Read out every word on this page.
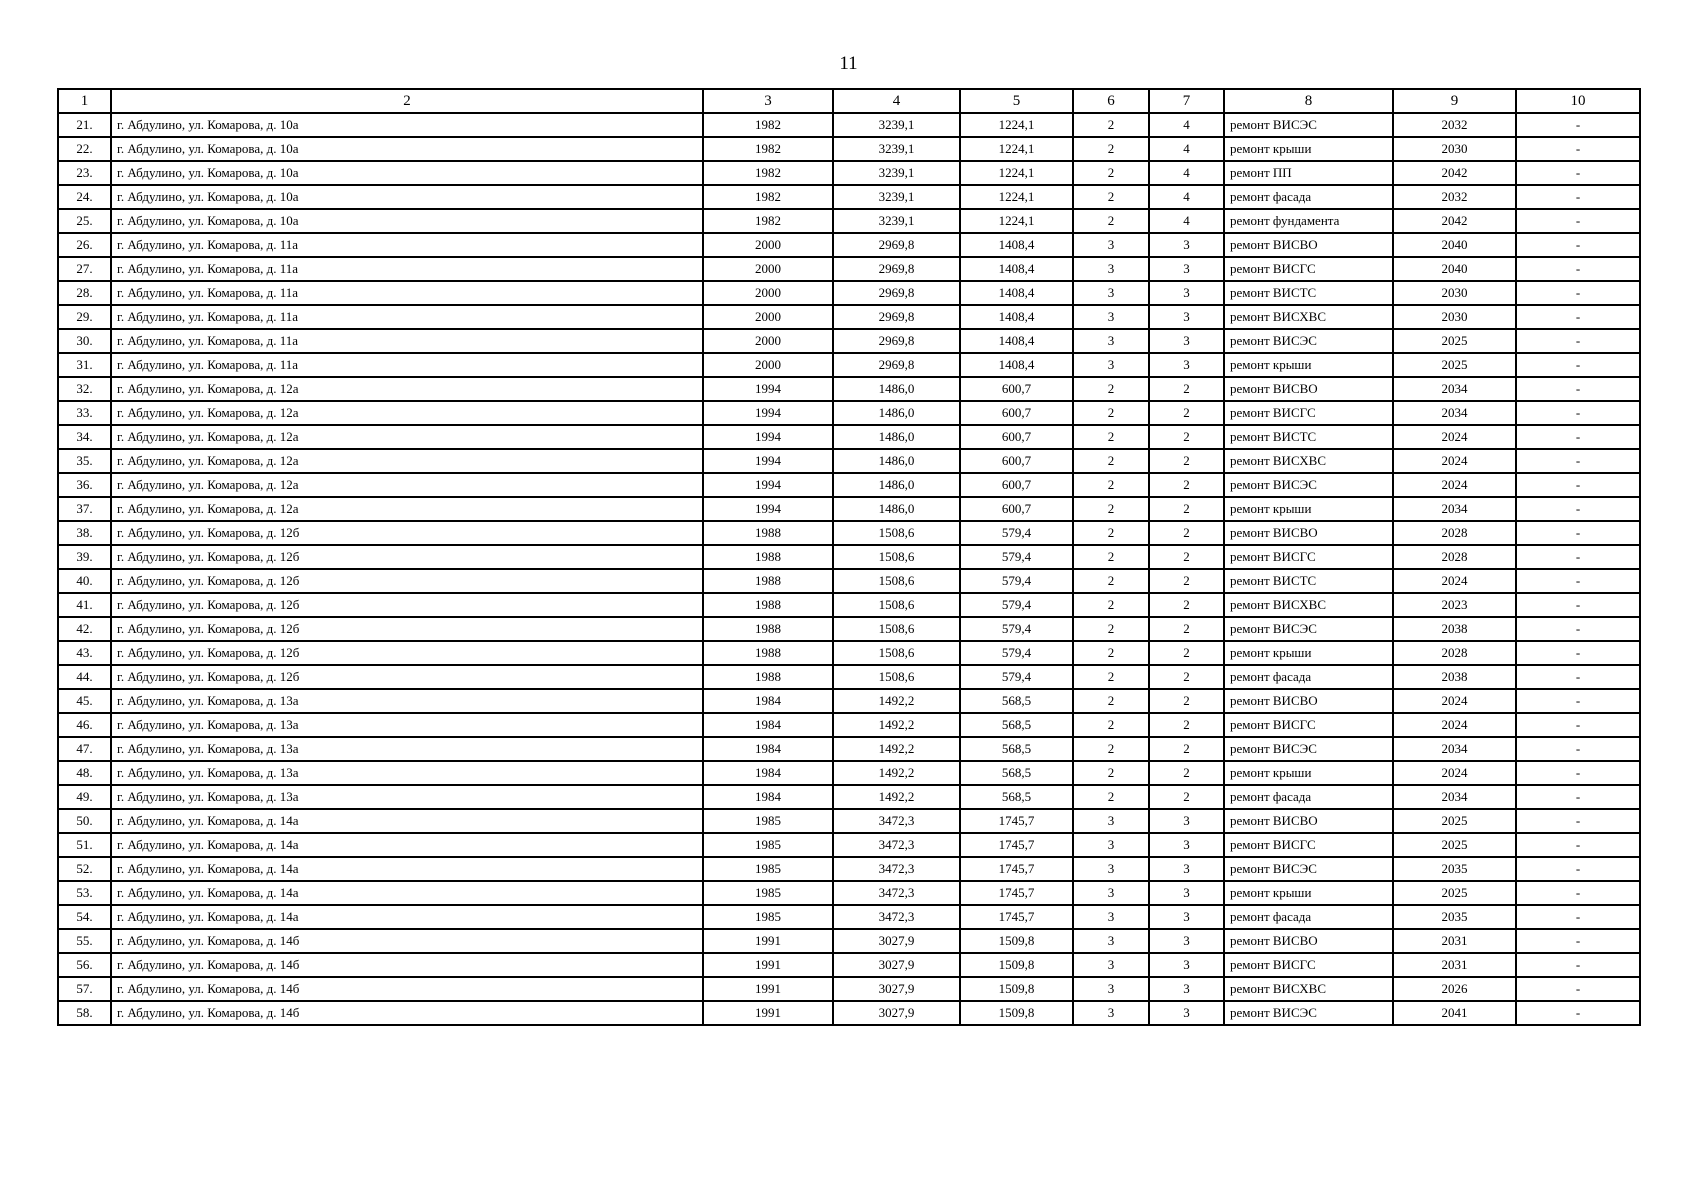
11
1	2	3	4	5	6	7	8	9	10
21.	г. Абдулино, ул. Комарова, д. 10а	1982	3239,1	1224,1	2	4	ремонт ВИСЭС	2032	-
22.	г. Абдулино, ул. Комарова, д. 10а	1982	3239,1	1224,1	2	4	ремонт крыши	2030	-
23.	г. Абдулино, ул. Комарова, д. 10а	1982	3239,1	1224,1	2	4	ремонт ПП	2042	-
24.	г. Абдулино, ул. Комарова, д. 10а	1982	3239,1	1224,1	2	4	ремонт фасада	2032	-
25.	г. Абдулино, ул. Комарова, д. 10а	1982	3239,1	1224,1	2	4	ремонт фундамента	2042	-
26.	г. Абдулино, ул. Комарова, д. 11а	2000	2969,8	1408,4	3	3	ремонт ВИСВО	2040	-
27.	г. Абдулино, ул. Комарова, д. 11а	2000	2969,8	1408,4	3	3	ремонт ВИСГС	2040	-
28.	г. Абдулино, ул. Комарова, д. 11а	2000	2969,8	1408,4	3	3	ремонт ВИСТС	2030	-
29.	г. Абдулино, ул. Комарова, д. 11а	2000	2969,8	1408,4	3	3	ремонт ВИСХВС	2030	-
30.	г. Абдулино, ул. Комарова, д. 11а	2000	2969,8	1408,4	3	3	ремонт ВИСЭС	2025	-
31.	г. Абдулино, ул. Комарова, д. 11а	2000	2969,8	1408,4	3	3	ремонт крыши	2025	-
32.	г. Абдулино, ул. Комарова, д. 12а	1994	1486,0	600,7	2	2	ремонт ВИСВО	2034	-
33.	г. Абдулино, ул. Комарова, д. 12а	1994	1486,0	600,7	2	2	ремонт ВИСГС	2034	-
34.	г. Абдулино, ул. Комарова, д. 12а	1994	1486,0	600,7	2	2	ремонт ВИСТС	2024	-
35.	г. Абдулино, ул. Комарова, д. 12а	1994	1486,0	600,7	2	2	ремонт ВИСХВС	2024	-
36.	г. Абдулино, ул. Комарова, д. 12а	1994	1486,0	600,7	2	2	ремонт ВИСЭС	2024	-
37.	г. Абдулино, ул. Комарова, д. 12а	1994	1486,0	600,7	2	2	ремонт крыши	2034	-
38.	г. Абдулино, ул. Комарова, д. 12б	1988	1508,6	579,4	2	2	ремонт ВИСВО	2028	-
39.	г. Абдулино, ул. Комарова, д. 12б	1988	1508,6	579,4	2	2	ремонт ВИСГС	2028	-
40.	г. Абдулино, ул. Комарова, д. 12б	1988	1508,6	579,4	2	2	ремонт ВИСТС	2024	-
41.	г. Абдулино, ул. Комарова, д. 12б	1988	1508,6	579,4	2	2	ремонт ВИСХВС	2023	-
42.	г. Абдулино, ул. Комарова, д. 12б	1988	1508,6	579,4	2	2	ремонт ВИСЭС	2038	-
43.	г. Абдулино, ул. Комарова, д. 12б	1988	1508,6	579,4	2	2	ремонт крыши	2028	-
44.	г. Абдулино, ул. Комарова, д. 12б	1988	1508,6	579,4	2	2	ремонт фасада	2038	-
45.	г. Абдулино, ул. Комарова, д. 13а	1984	1492,2	568,5	2	2	ремонт ВИСВО	2024	-
46.	г. Абдулино, ул. Комарова, д. 13а	1984	1492,2	568,5	2	2	ремонт ВИСГС	2024	-
47.	г. Абдулино, ул. Комарова, д. 13а	1984	1492,2	568,5	2	2	ремонт ВИСЭС	2034	-
48.	г. Абдулино, ул. Комарова, д. 13а	1984	1492,2	568,5	2	2	ремонт крыши	2024	-
49.	г. Абдулино, ул. Комарова, д. 13а	1984	1492,2	568,5	2	2	ремонт фасада	2034	-
50.	г. Абдулино, ул. Комарова, д. 14а	1985	3472,3	1745,7	3	3	ремонт ВИСВО	2025	-
51.	г. Абдулино, ул. Комарова, д. 14а	1985	3472,3	1745,7	3	3	ремонт ВИСГС	2025	-
52.	г. Абдулино, ул. Комарова, д. 14а	1985	3472,3	1745,7	3	3	ремонт ВИСЭС	2035	-
53.	г. Абдулино, ул. Комарова, д. 14а	1985	3472,3	1745,7	3	3	ремонт крыши	2025	-
54.	г. Абдулино, ул. Комарова, д. 14а	1985	3472,3	1745,7	3	3	ремонт фасада	2035	-
55.	г. Абдулино, ул. Комарова, д. 14б	1991	3027,9	1509,8	3	3	ремонт ВИСВО	2031	-
56.	г. Абдулино, ул. Комарова, д. 14б	1991	3027,9	1509,8	3	3	ремонт ВИСГС	2031	-
57.	г. Абдулино, ул. Комарова, д. 14б	1991	3027,9	1509,8	3	3	ремонт ВИСХВС	2026	-
58.	г. Абдулино, ул. Комарова, д. 14б	1991	3027,9	1509,8	3	3	ремонт ВИСЭС	2041	-
